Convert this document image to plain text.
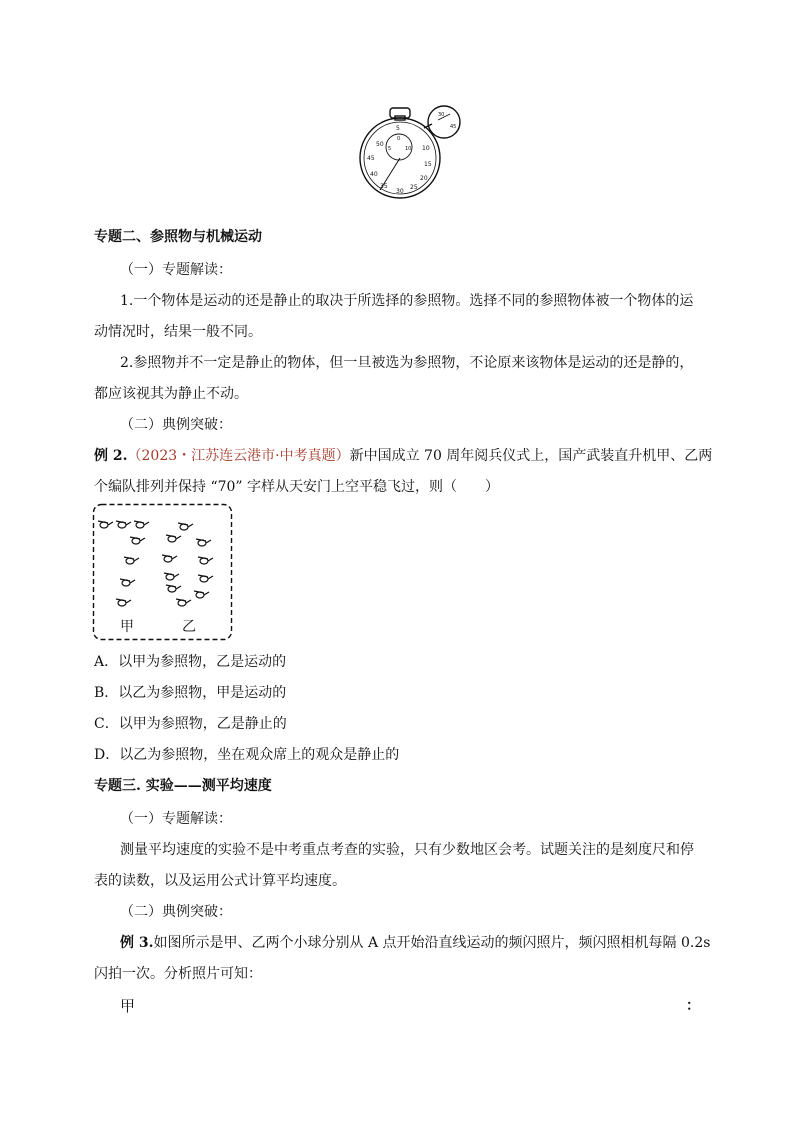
5
50
45
40
35
30
25
20
15
10
0
5	10
30
45
专题二、参照物与机械运动
（一）专题解读：
1.一个物体是运动的还是静止的取决于所选择的参照物。选择不同的参照物体被一个物体的运
动情况时，结果一般不同。
2.参照物并不一定是静止的物体，但一旦被选为参照物，不论原来该物体是运动的还是静的，
都应该视其为静止不动。
（二）典例突破：
例 2.（2023・江苏连云港市·中考真题）新中国成立 70 周年阅兵仪式上，国产武装直升机甲、乙两
个编队排列并保持 “70” 字样从天安门上空平稳飞过，则（　　）
甲	乙
A．以甲为参照物，乙是运动的
B．以乙为参照物，甲是运动的
C．以甲为参照物，乙是静止的
D．以乙为参照物，坐在观众席上的观众是静止的
专题三. 实验——测平均速度
（一）专题解读：
测量平均速度的实验不是中考重点考查的实验，只有少数地区会考。试题关注的是刻度尺和停
表的读数，以及运用公式计算平均速度。
（二）典例突破：
例 3.如图所示是甲、乙两个小球分别从 A 点开始沿直线运动的频闪照片，频闪照相机每隔 0.2s
闪拍一次。分析照片可知：
甲	：
